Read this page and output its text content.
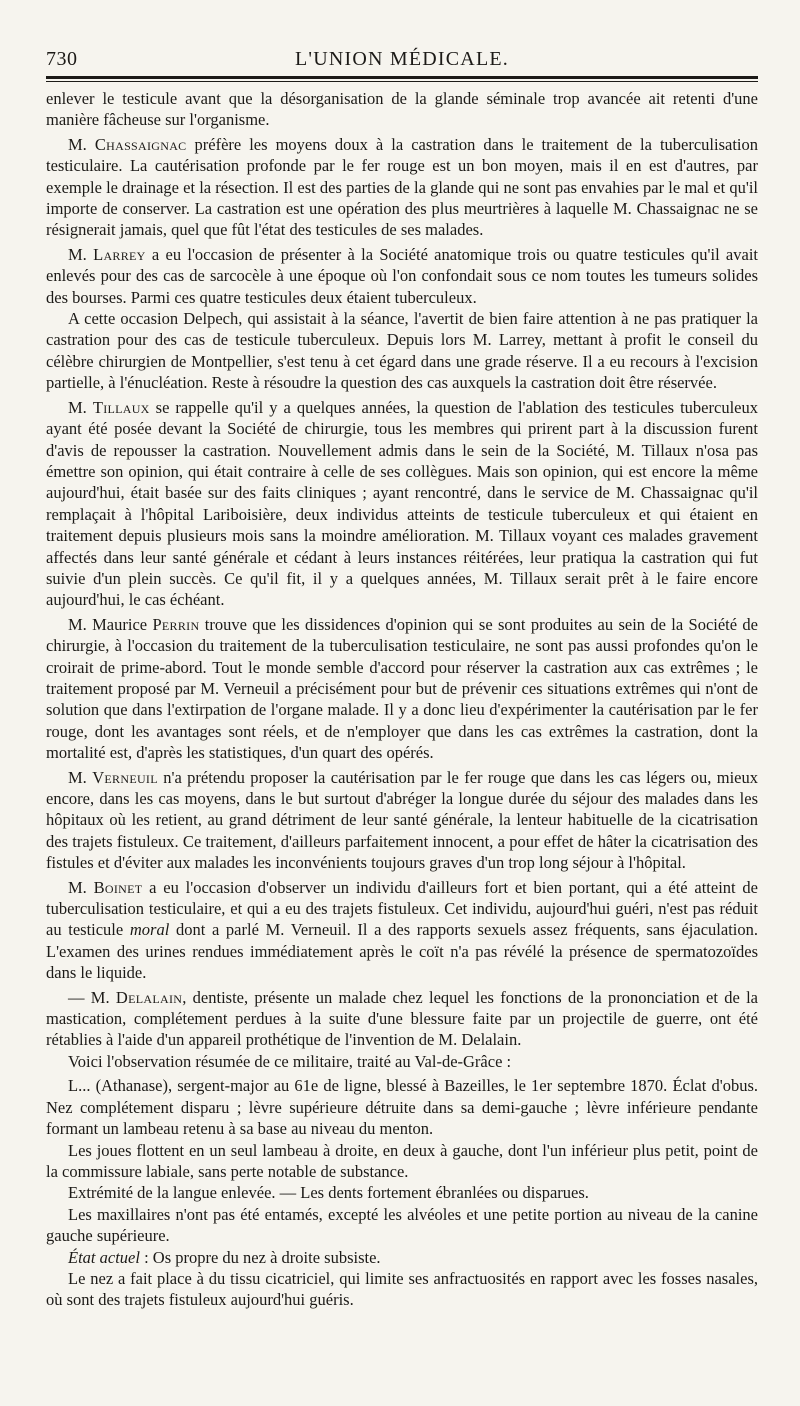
730	L'UNION MÉDICALE.

enlever le testicule avant que la désorganisation de la glande séminale trop avancée ait retenti d'une manière fâcheuse sur l'organisme.

M. Chassaignac préfère les moyens doux à la castration dans le traitement de la tuberculisation testiculaire. La cautérisation profonde par le fer rouge est un bon moyen, mais il en est d'autres, par exemple le drainage et la résection. Il est des parties de la glande qui ne sont pas envahies par le mal et qu'il importe de conserver. La castration est une opération des plus meurtrières à laquelle M. Chassaignac ne se résignerait jamais, quel que fût l'état des testicules de ses malades.

M. Larrey a eu l'occasion de présenter à la Société anatomique trois ou quatre testicules qu'il avait enlevés pour des cas de sarcocèle à une époque où l'on confondait sous ce nom toutes les tumeurs solides des bourses. Parmi ces quatre testicules deux étaient tuberculeux.

A cette occasion Delpech, qui assistait à la séance, l'avertit de bien faire attention à ne pas pratiquer la castration pour des cas de testicule tuberculeux. Depuis lors M. Larrey, mettant à profit le conseil du célèbre chirurgien de Montpellier, s'est tenu à cet égard dans une grade réserve. Il a eu recours à l'excision partielle, à l'énucléation. Reste à résoudre la question des cas auxquels la castration doit être réservée.

M. Tillaux se rappelle qu'il y a quelques années, la question de l'ablation des testicules tuberculeux ayant été posée devant la Société de chirurgie, tous les membres qui prirent part à la discussion furent d'avis de repousser la castration. Nouvellement admis dans le sein de la Société, M. Tillaux n'osa pas émettre son opinion, qui était contraire à celle de ses collègues. Mais son opinion, qui est encore la même aujourd'hui, était basée sur des faits cliniques ; ayant rencontré, dans le service de M. Chassaignac qu'il remplaçait à l'hôpital Lariboisière, deux individus atteints de testicule tuberculeux et qui étaient en traitement depuis plusieurs mois sans la moindre amélioration. M. Tillaux voyant ces malades gravement affectés dans leur santé générale et cédant à leurs instances réitérées, leur pratiqua la castration qui fut suivie d'un plein succès. Ce qu'il fit, il y a quelques années, M. Tillaux serait prêt à le faire encore aujourd'hui, le cas échéant.

M. Maurice Perrin trouve que les dissidences d'opinion qui se sont produites au sein de la Société de chirurgie, à l'occasion du traitement de la tuberculisation testiculaire, ne sont pas aussi profondes qu'on le croirait de prime-abord. Tout le monde semble d'accord pour réserver la castration aux cas extrêmes ; le traitement proposé par M. Verneuil a précisément pour but de prévenir ces situations extrêmes qui n'ont de solution que dans l'extirpation de l'organe malade. Il y a donc lieu d'expérimenter la cautérisation par le fer rouge, dont les avantages sont réels, et de n'employer que dans les cas extrêmes la castration, dont la mortalité est, d'après les statistiques, d'un quart des opérés.

M. Verneuil n'a prétendu proposer la cautérisation par le fer rouge que dans les cas légers ou, mieux encore, dans les cas moyens, dans le but surtout d'abréger la longue durée du séjour des malades dans les hôpitaux où les retient, au grand détriment de leur santé générale, la lenteur habituelle de la cicatrisation des trajets fistuleux. Ce traitement, d'ailleurs parfaitement innocent, a pour effet de hâter la cicatrisation des fistules et d'éviter aux malades les inconvénients toujours graves d'un trop long séjour à l'hôpital.

M. Boinet a eu l'occasion d'observer un individu d'ailleurs fort et bien portant, qui a été atteint de tuberculisation testiculaire, et qui a eu des trajets fistuleux. Cet individu, aujourd'hui guéri, n'est pas réduit au testicule moral dont a parlé M. Verneuil. Il a des rapports sexuels assez fréquents, sans éjaculation. L'examen des urines rendues immédiatement après le coït n'a pas révélé la présence de spermatozoïdes dans le liquide.

— M. Delalain, dentiste, présente un malade chez lequel les fonctions de la prononciation et de la mastication, complétement perdues à la suite d'une blessure faite par un projectile de guerre, ont été rétablies à l'aide d'un appareil prothétique de l'invention de M. Delalain.

Voici l'observation résumée de ce militaire, traité au Val-de-Grâce :

L... (Athanase), sergent-major au 61e de ligne, blessé à Bazeilles, le 1er septembre 1870. Éclat d'obus. Nez complétement disparu ; lèvre supérieure détruite dans sa demi-gauche ; lèvre inférieure pendante formant un lambeau retenu à sa base au niveau du menton.

Les joues flottent en un seul lambeau à droite, en deux à gauche, dont l'un inférieur plus petit, point de la commissure labiale, sans perte notable de substance.

Extrémité de la langue enlevée. — Les dents fortement ébranlées ou disparues.

Les maxillaires n'ont pas été entamés, excepté les alvéoles et une petite portion au niveau de la canine gauche supérieure.

État actuel : Os propre du nez à droite subsiste.

Le nez a fait place à du tissu cicatriciel, qui limite ses anfractuosités en rapport avec les fosses nasales, où sont des trajets fistuleux aujourd'hui guéris.
